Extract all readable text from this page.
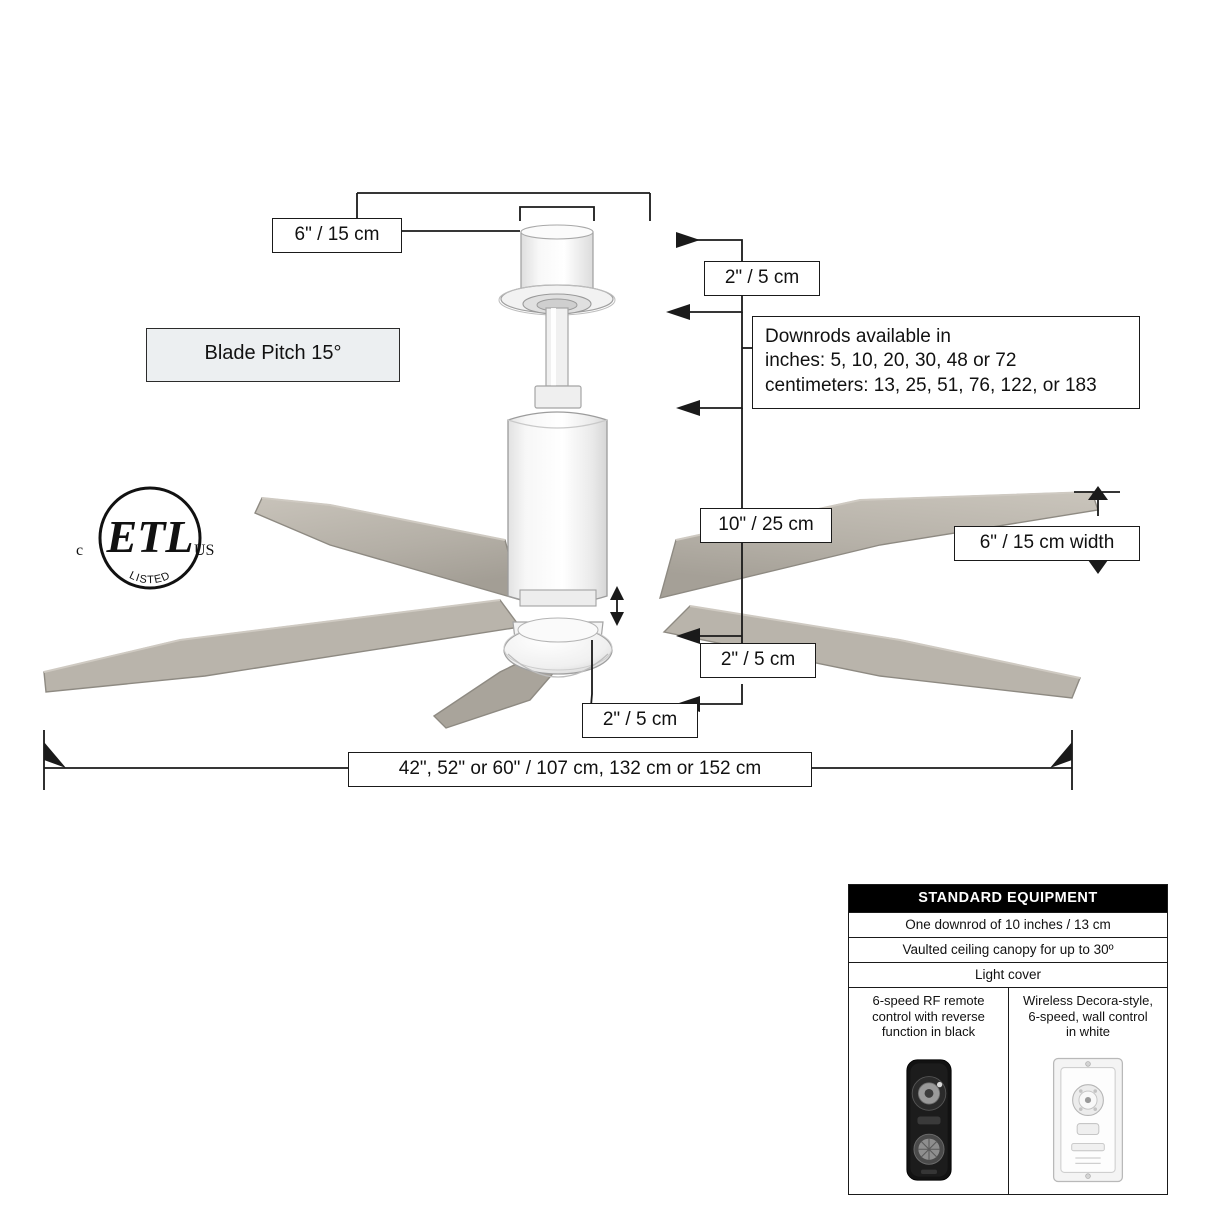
ETL
LISTED
c	US
6" / 15 cm
2" / 5 cm
Blade Pitch 15°
Downrods available in
inches: 5, 10, 20, 30, 48 or 72
centimeters: 13, 25, 51, 76, 122, or 183
10" / 25 cm
6" / 15 cm width
2" / 5 cm
2" / 5 cm
42", 52" or 60" / 107 cm, 132 cm or 152 cm
STANDARD EQUIPMENT
One downrod of 10 inches / 13 cm
Vaulted ceiling canopy for up to 30º
Light cover
6-speed RF remote
control with reverse
function in black
Wireless Decora-style,
6-speed, wall control
in white
